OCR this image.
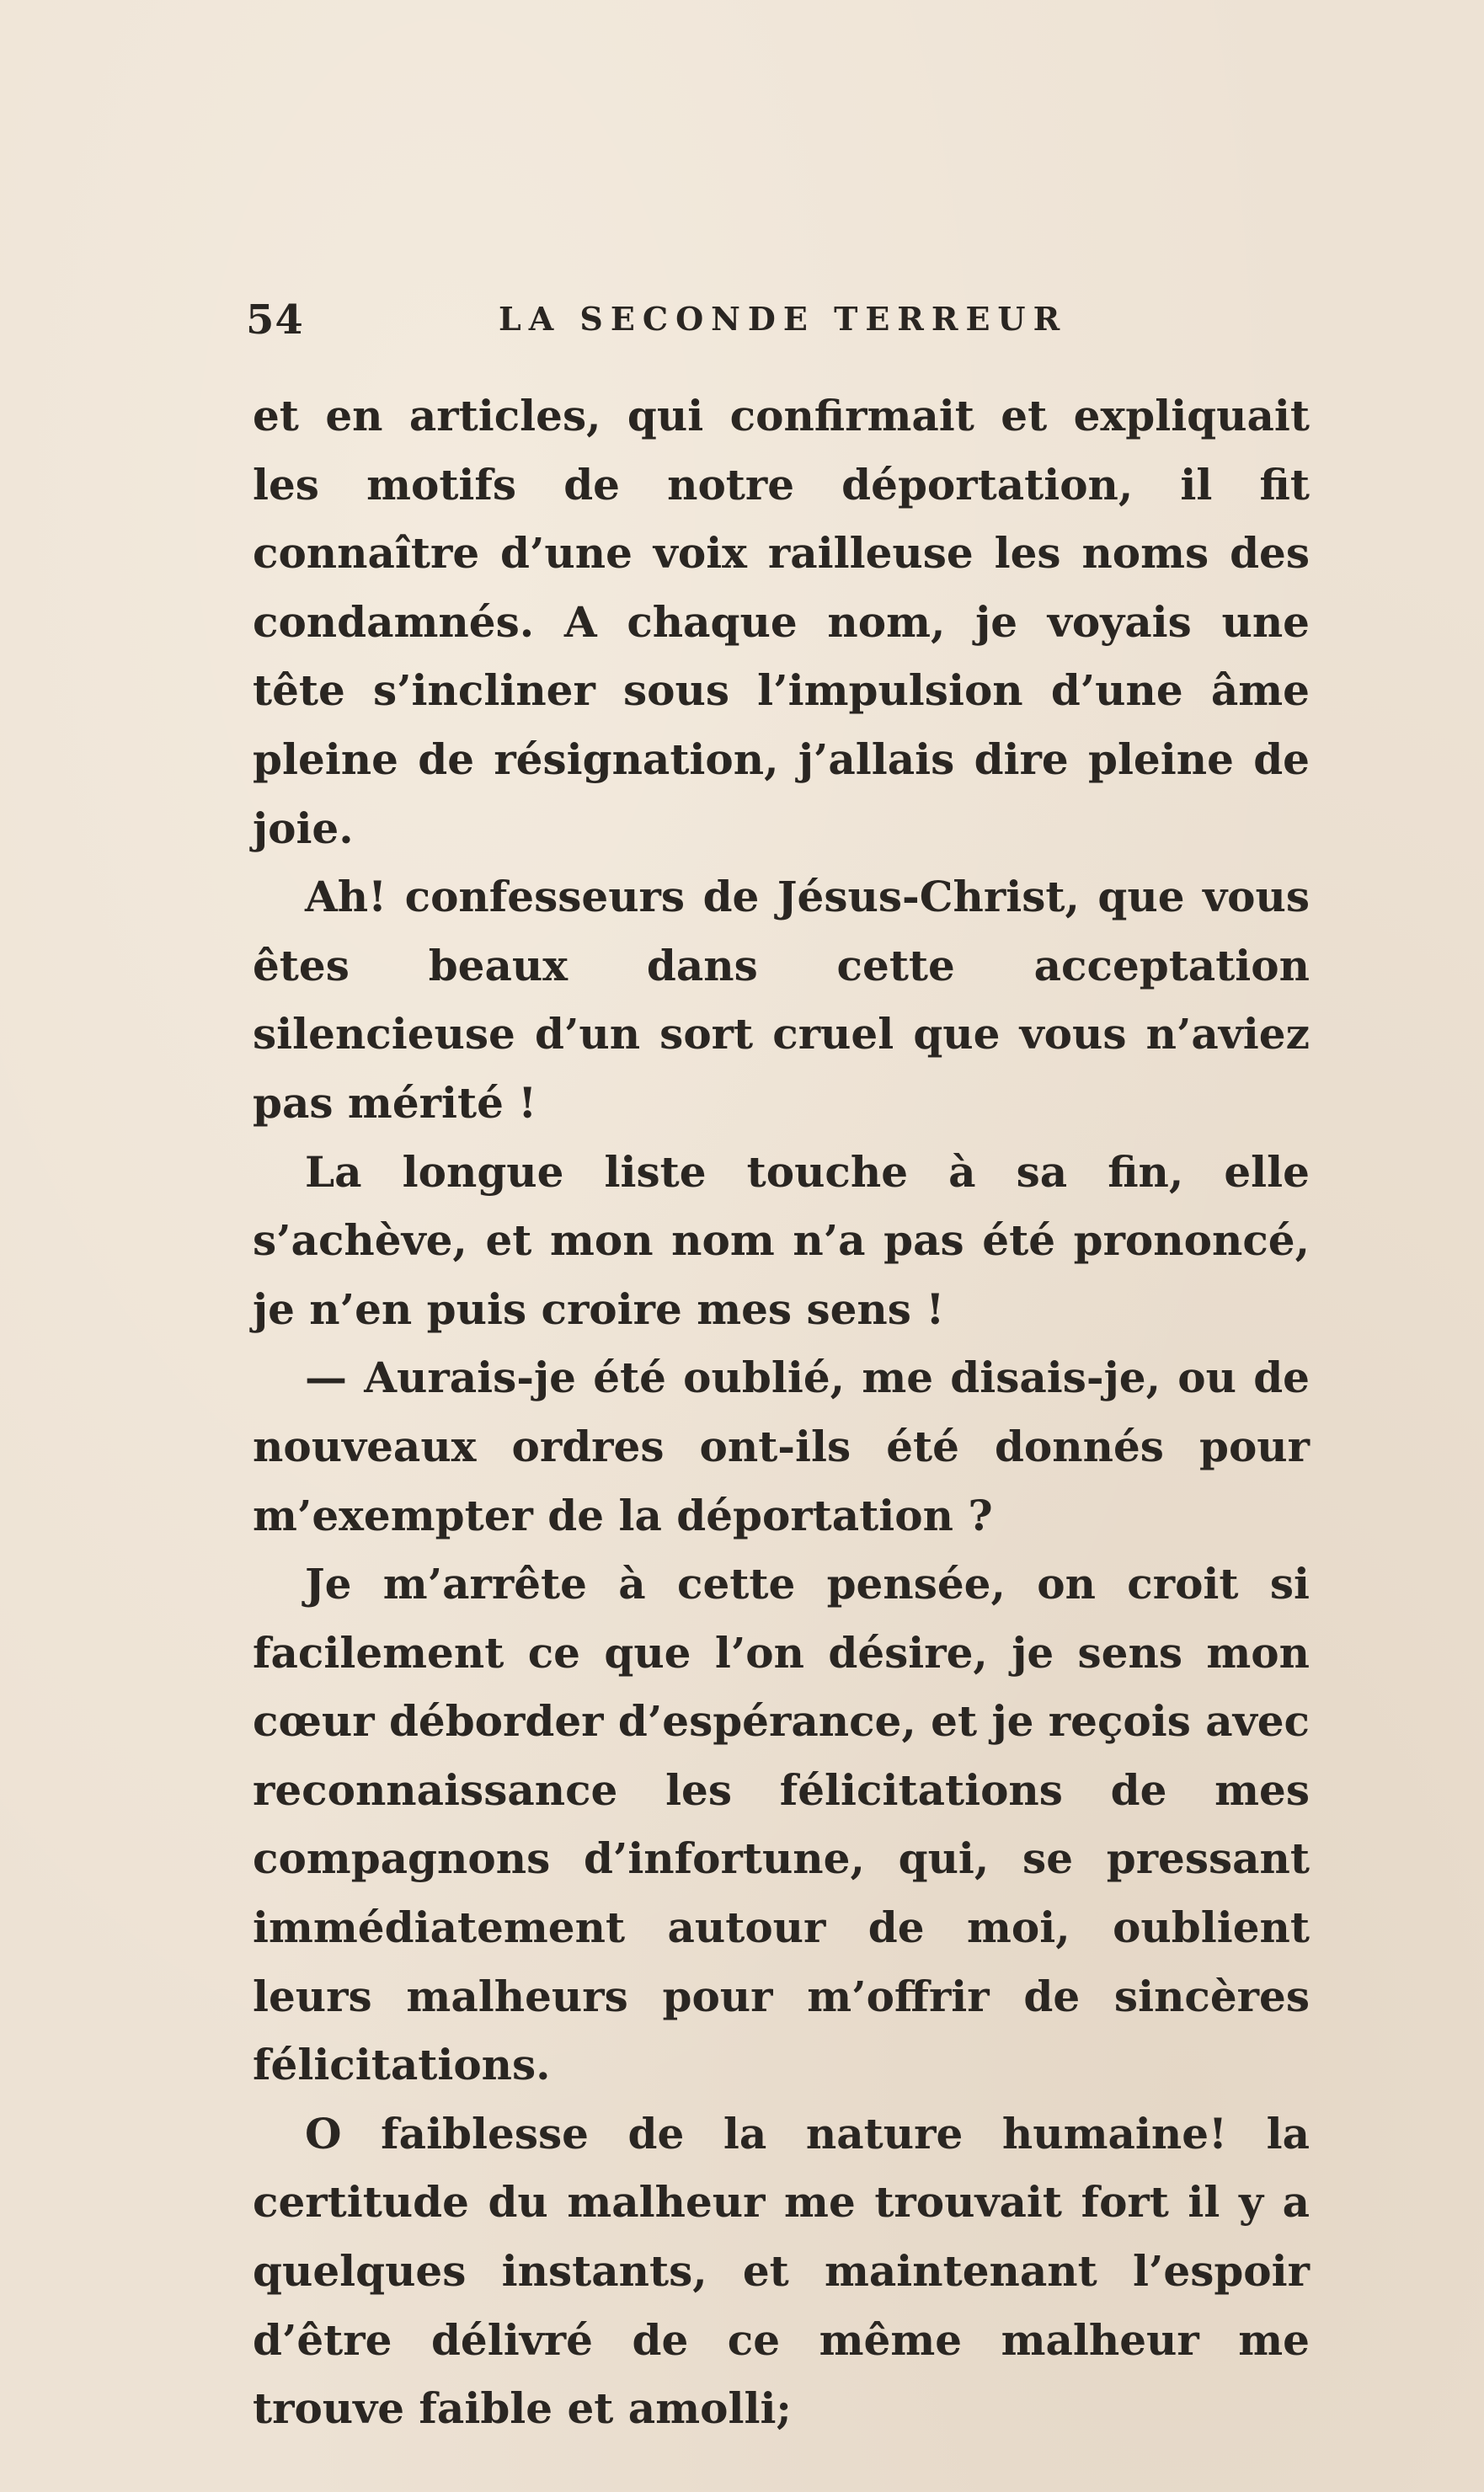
54	LA SECONDE TERREUR

et en articles, qui confirmait et expliquait les motifs de notre déportation, il fit connaître d’une voix railleuse les noms des condamnés. A chaque nom, je voyais une tête s’incliner sous l’impulsion d’une âme pleine de résignation, j’allais dire pleine de joie.

Ah! confesseurs de Jésus-Christ, que vous êtes beaux dans cette acceptation silencieuse d’un sort cruel que vous n’aviez pas mérité !

La longue liste touche à sa fin, elle s’achève, et mon nom n’a pas été prononcé, je n’en puis croire mes sens !

— Aurais-je été oublié, me disais-je, ou de nouveaux ordres ont-ils été donnés pour m’exempter de la déportation ?

Je m’arrête à cette pensée, on croit si facilement ce que l’on désire, je sens mon cœur déborder d’espérance, et je reçois avec reconnaissance les félicitations de mes compagnons d’infortune, qui, se pressant immédiatement autour de moi, oublient leurs malheurs pour m’offrir de sincères félicitations.

O faiblesse de la nature humaine! la certitude du malheur me trouvait fort il y a quelques instants, et maintenant l’espoir d’être délivré de ce même malheur me trouve faible et amolli;
